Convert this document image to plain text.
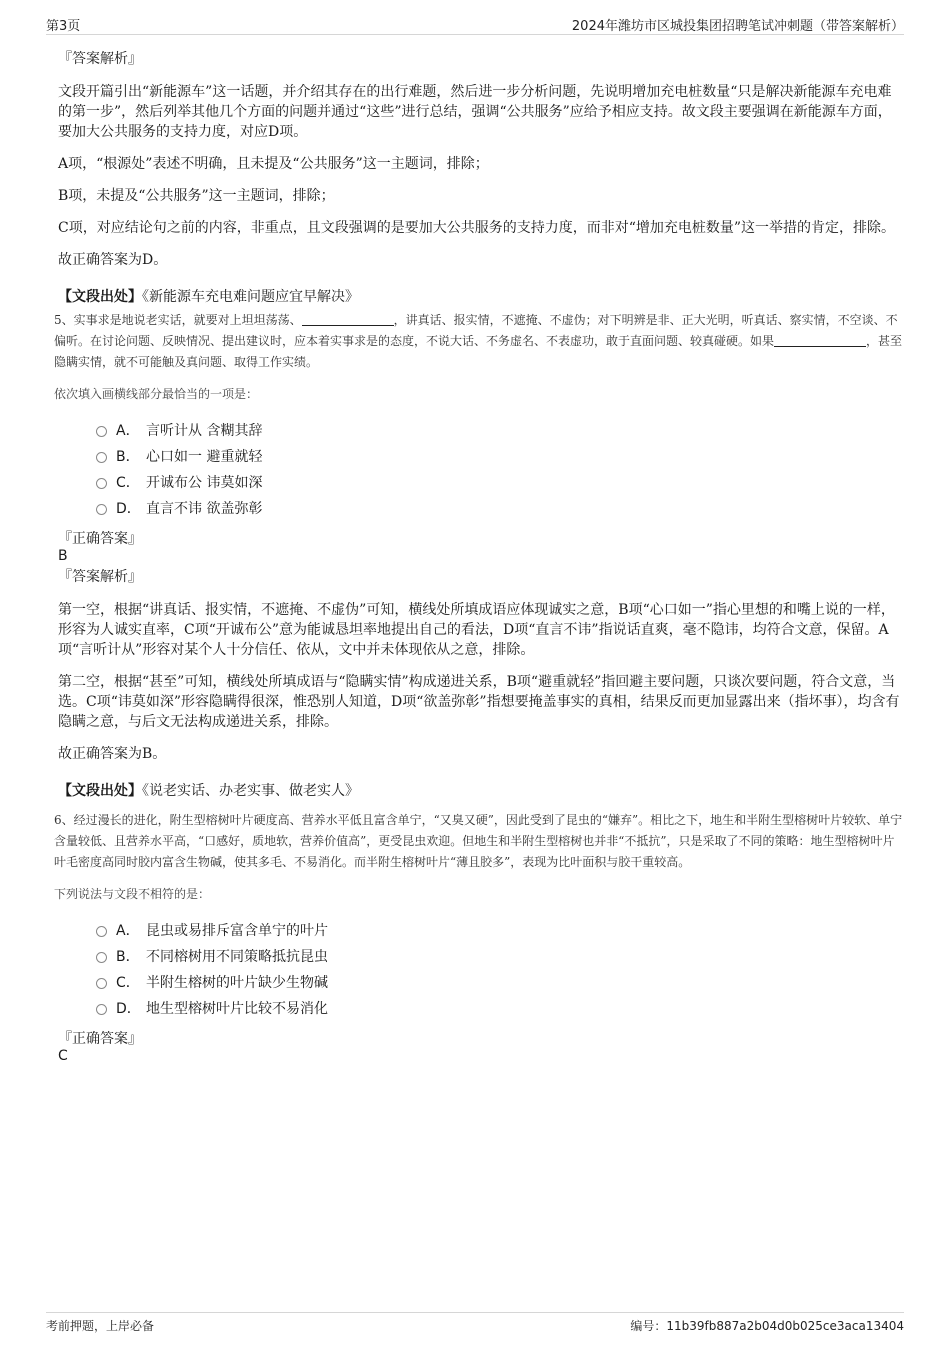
第3页	2024年潍坊市区城投集团招聘笔试冲刺题（带答案解析）
『答案解析』

文段开篇引出“新能源车”这一话题，并介绍其存在的出行难题，然后进一步分析问题，先说明增加充电桩数量“只是解决新能源车充电难的第一步”，然后列举其他几个方面的问题并通过“这些”进行总结，强调“公共服务”应给予相应支持。故文段主要强调在新能源车方面，要加大公共服务的支持力度，对应D项。

A项，“根源处”表述不明确，且未提及“公共服务”这一主题词，排除；

B项，未提及“公共服务”这一主题词，排除；

C项，对应结论句之前的内容，非重点，且文段强调的是要加大公共服务的支持力度，而非对“增加充电桩数量”这一举措的肯定，排除。

故正确答案为D。

【文段出处】《新能源车充电难问题应宜早解决》

5、实事求是地说老实话，就要对上坦坦荡荡、	，讲真话、报实情，不遮掩、不虚伪；对下明辨是非、正大光明，听真话、察实情，不空谈、不偏听。在讨论问题、反映情况、提出建议时，应本着实事求是的态度，不说大话、不务虚名、不表虚功，敢于直面问题、较真碰硬。如果	，甚至隐瞒实情，就不可能触及真问题、取得工作实绩。
依次填入画横线部分最恰当的一项是：
A． 言听计从 含糊其辞
B． 心口如一 避重就轻
C． 开诚布公 讳莫如深
D． 直言不讳 欲盖弥彰
『正确答案』
B
『答案解析』

第一空，根据“讲真话、报实情，不遮掩、不虚伪”可知，横线处所填成语应体现诚实之意，B项“心口如一”指心里想的和嘴上说的一样，形容为人诚实直率，C项“开诚布公”意为能诚恳坦率地提出自己的看法，D项“直言不讳”指说话直爽，毫不隐讳，均符合文意，保留。A项“言听计从”形容对某个人十分信任、依从，文中并未体现依从之意，排除。

第二空，根据“甚至”可知，横线处所填成语与“隐瞒实情”构成递进关系，B项“避重就轻”指回避主要问题，只谈次要问题，符合文意，当选。C项“讳莫如深”形容隐瞒得很深，惟恐别人知道，D项“欲盖弥彰”指想要掩盖事实的真相，结果反而更加显露出来（指坏事），均含有隐瞒之意，与后文无法构成递进关系，排除。

故正确答案为B。

【文段出处】《说老实话、办老实事、做老实人》

6、经过漫长的进化，附生型榕树叶片硬度高、营养水平低且富含单宁，“又臭又硬”，因此受到了昆虫的“嫌弃”。相比之下，地生和半附生型榕树叶片较软、单宁含量较低、且营养水平高，“口感好，质地软，营养价值高”，更受昆虫欢迎。但地生和半附生型榕树也并非“不抵抗”，只是采取了不同的策略：地生型榕树叶片叶毛密度高同时胶内富含生物碱，使其多毛、不易消化。而半附生榕树叶片“薄且胶多”，表现为比叶面积与胶干重较高。
下列说法与文段不相符的是：
A． 昆虫或易排斥富含单宁的叶片
B． 不同榕树用不同策略抵抗昆虫
C． 半附生榕树的叶片缺少生物碱
D． 地生型榕树叶片比较不易消化
『正确答案』
C
考前押题，上岸必备	编号：11b39fb887a2b04d0b025ce3aca13404
